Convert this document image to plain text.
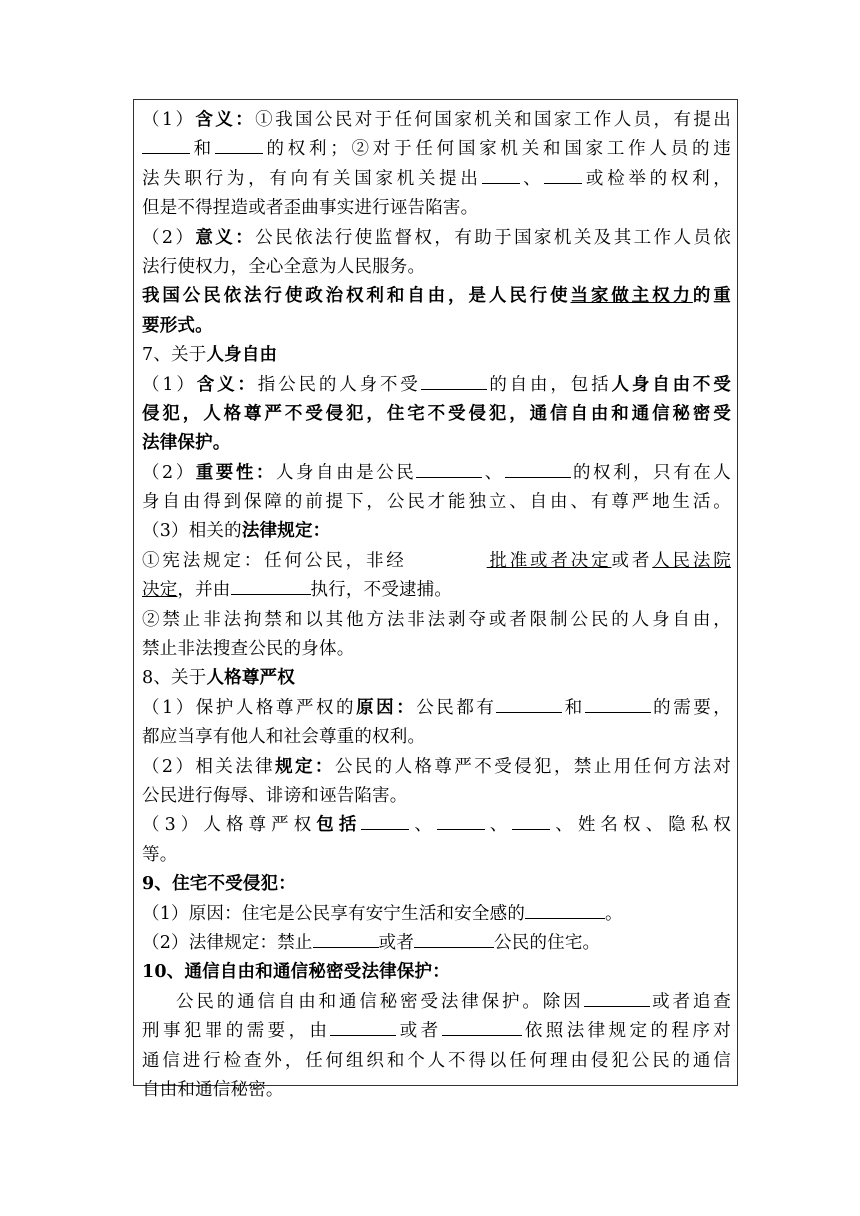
（1）含义：①我国公民对于任何国家机关和国家工作人员，有提出
和	的权利；②对于任何国家机关和国家工作人员的违
法失职行为，有向有关国家机关提出 、 或检举的权利，
但是不得捏造或者歪曲事实进行诬告陷害。
（2）意义：公民依法行使监督权，有助于国家机关及其工作人员依
法行使权力，全心全意为人民服务。
我国公民依法行使政治权利和自由，是人民行使当家做主权力的重
要形式。
7、关于人身自由
（1）含义：指公民的人身不受	的自由，包括人身自由不受
侵犯，人格尊严不受侵犯，住宅不受侵犯，通信自由和通信秘密受
法律保护。
（2）重要性：人身自由是公民	、	的权利，只有在人
身自由得到保障的前提下，公民才能独立、自由、有尊严地生活。
（3）相关的法律规定：
①宪法规定：任何公民，非经	批准或者决定或者人民法院
决定，并由	执行，不受逮捕。
②禁止非法拘禁和以其他方法非法剥夺或者限制公民的人身自由，
禁止非法搜查公民的身体。
8、关于人格尊严权
（1）保护人格尊严权的原因：公民都有	和	的需要，
都应当享有他人和社会尊重的权利。
（2）相关法律规定：公民的人格尊严不受侵犯，禁止用任何方法对
公民进行侮辱、诽谤和诬告陷害。
（3）人格尊严权包括	、	、 、姓名权、隐私权
等。
9、住宅不受侵犯：
（1）原因：住宅是公民享有安宁生活和安全感的	。
（2）法律规定：禁止	或者	公民的住宅。
10、通信自由和通信秘密受法律保护：
公民的通信自由和通信秘密受法律保护。除因	或者追查
刑事犯罪的需要，由	或者	依照法律规定的程序对
通信进行检查外，任何组织和个人不得以任何理由侵犯公民的通信
自由和通信秘密。
